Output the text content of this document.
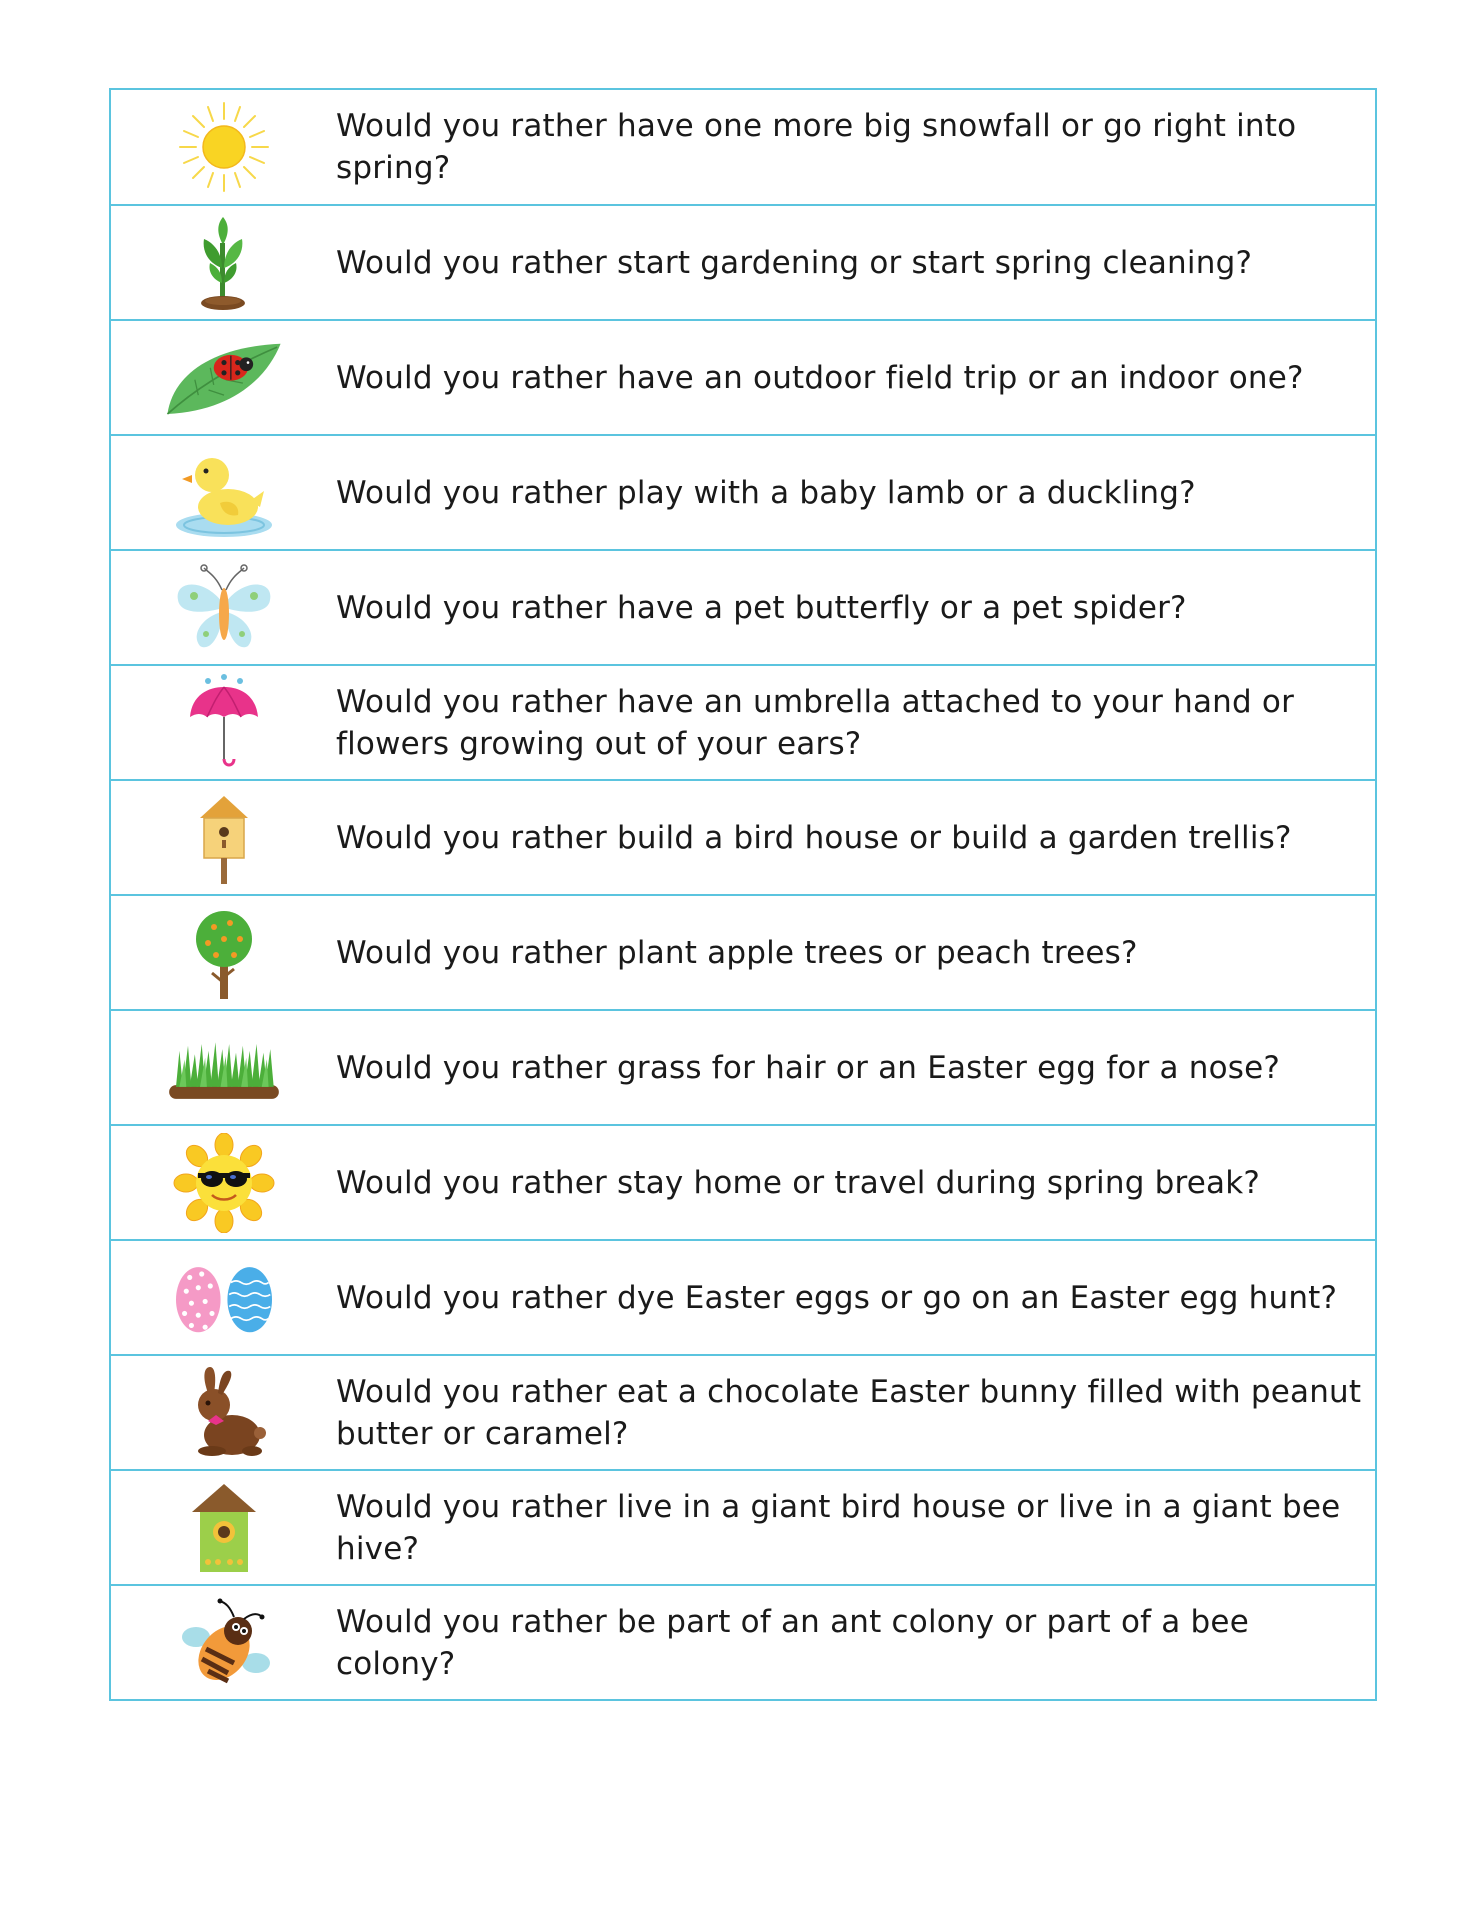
Would you rather have one more big snowfall or go right into spring?
Would you rather start gardening or start spring cleaning?
Would you rather have an outdoor field trip or an indoor one?
Would you rather play with a baby lamb or a duckling?
Would you rather have a pet butterfly or a pet spider?
Would you rather have an umbrella attached to your hand or flowers growing out of your ears?
Would you rather build a bird house or build a garden trellis?
Would you rather plant apple trees or peach trees?
Would you rather grass for hair or an Easter egg for a nose?
Would you rather stay home or travel during spring break?
Would you rather dye Easter eggs or go on an Easter egg hunt?
Would you rather eat a chocolate Easter bunny filled with peanut butter or caramel?
Would you rather live in a giant bird house or live in a giant bee hive?
Would you rather be part of an ant colony or part of a bee colony?
